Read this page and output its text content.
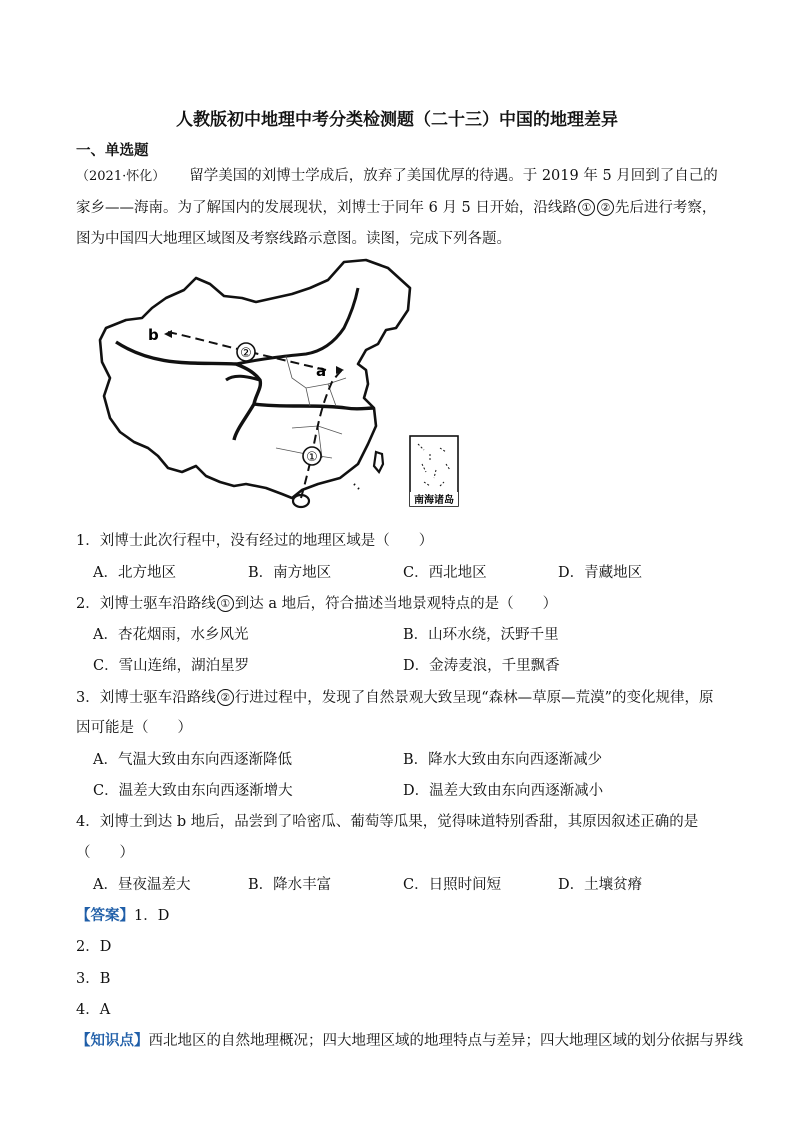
人教版初中地理中考分类检测题（二十三）中国的地理差异
一、单选题
（2021·怀化） 留学美国的刘博士学成后，放弃了美国优厚的待遇。于 2019 年 5 月回到了自己的
家乡——海南。为了解国内的发展现状，刘博士于同年 6 月 5 日开始，沿线路 ① ② 先后进行考察，
图为中国四大地理区域图及考察线路示意图。读图，完成下列各题。
b
a
②
①
南海诸岛
1．刘博士此次行程中，没有经过的地理区域是（　　）
A．北方地区	B．南方地区	C．西北地区	D．青藏地区
2．刘博士驱车沿路线 ① 到达 a 地后，符合描述当地景观特点的是（　　）
A．杏花烟雨，水乡风光	B．山环水绕，沃野千里
C．雪山连绵，湖泊星罗	D．金涛麦浪，千里飘香
3．刘博士驱车沿路线 ② 行进过程中，发现了自然景观大致呈现“森林—草原—荒漠”的变化规律，原
因可能是（　　）
A．气温大致由东向西逐渐降低	B．降水大致由东向西逐渐减少
C．温差大致由东向西逐渐增大	D．温差大致由东向西逐渐减小
4．刘博士到达 b 地后，品尝到了哈密瓜、葡萄等瓜果，觉得味道特别香甜，其原因叙述正确的是
（　　）
A．昼夜温差大	B．降水丰富	C．日照时间短	D．土壤贫瘠
【答案】1．D
2．D
3．B
4．A
【知识点】西北地区的自然地理概况；四大地理区域的地理特点与差异；四大地理区域的划分依据与界线
